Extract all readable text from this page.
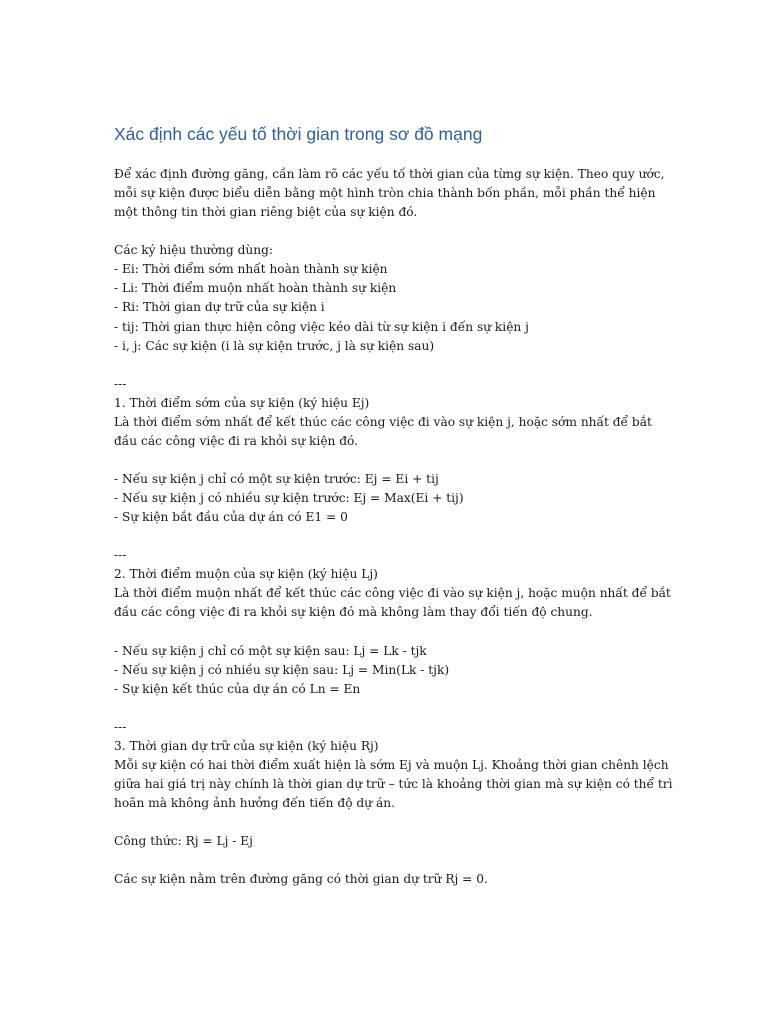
Xác định các yếu tố thời gian trong sơ đồ mạng
Để xác định đường găng, cần làm rõ các yếu tố thời gian của từng sự kiện. Theo quy ước,
mỗi sự kiện được biểu diễn bằng một hình tròn chia thành bốn phần, mỗi phần thể hiện
một thông tin thời gian riêng biệt của sự kiện đó.
Các ký hiệu thường dùng:
- Ei: Thời điểm sớm nhất hoàn thành sự kiện
- Li: Thời điểm muộn nhất hoàn thành sự kiện
- Ri: Thời gian dự trữ của sự kiện i
- tij: Thời gian thực hiện công việc kéo dài từ sự kiện i đến sự kiện j
- i, j: Các sự kiện (i là sự kiện trước, j là sự kiện sau)
---
1. Thời điểm sớm của sự kiện (ký hiệu Ej)
Là thời điểm sớm nhất để kết thúc các công việc đi vào sự kiện j, hoặc sớm nhất để bắt
đầu các công việc đi ra khỏi sự kiện đó.
- Nếu sự kiện j chỉ có một sự kiện trước: Ej = Ei + tij
- Nếu sự kiện j có nhiều sự kiện trước: Ej = Max(Ei + tij)
- Sự kiện bắt đầu của dự án có E1 = 0
---
2. Thời điểm muộn của sự kiện (ký hiệu Lj)
Là thời điểm muộn nhất để kết thúc các công việc đi vào sự kiện j, hoặc muộn nhất để bắt
đầu các công việc đi ra khỏi sự kiện đó mà không làm thay đổi tiến độ chung.
- Nếu sự kiện j chỉ có một sự kiện sau: Lj = Lk - tjk
- Nếu sự kiện j có nhiều sự kiện sau: Lj = Min(Lk - tjk)
- Sự kiện kết thúc của dự án có Ln = En
---
3. Thời gian dự trữ của sự kiện (ký hiệu Rj)
Mỗi sự kiện có hai thời điểm xuất hiện là sớm Ej và muộn Lj. Khoảng thời gian chênh lệch
giữa hai giá trị này chính là thời gian dự trữ – tức là khoảng thời gian mà sự kiện có thể trì
hoãn mà không ảnh hưởng đến tiến độ dự án.
Công thức: Rj = Lj - Ej
Các sự kiện nằm trên đường găng có thời gian dự trữ Rj = 0.
